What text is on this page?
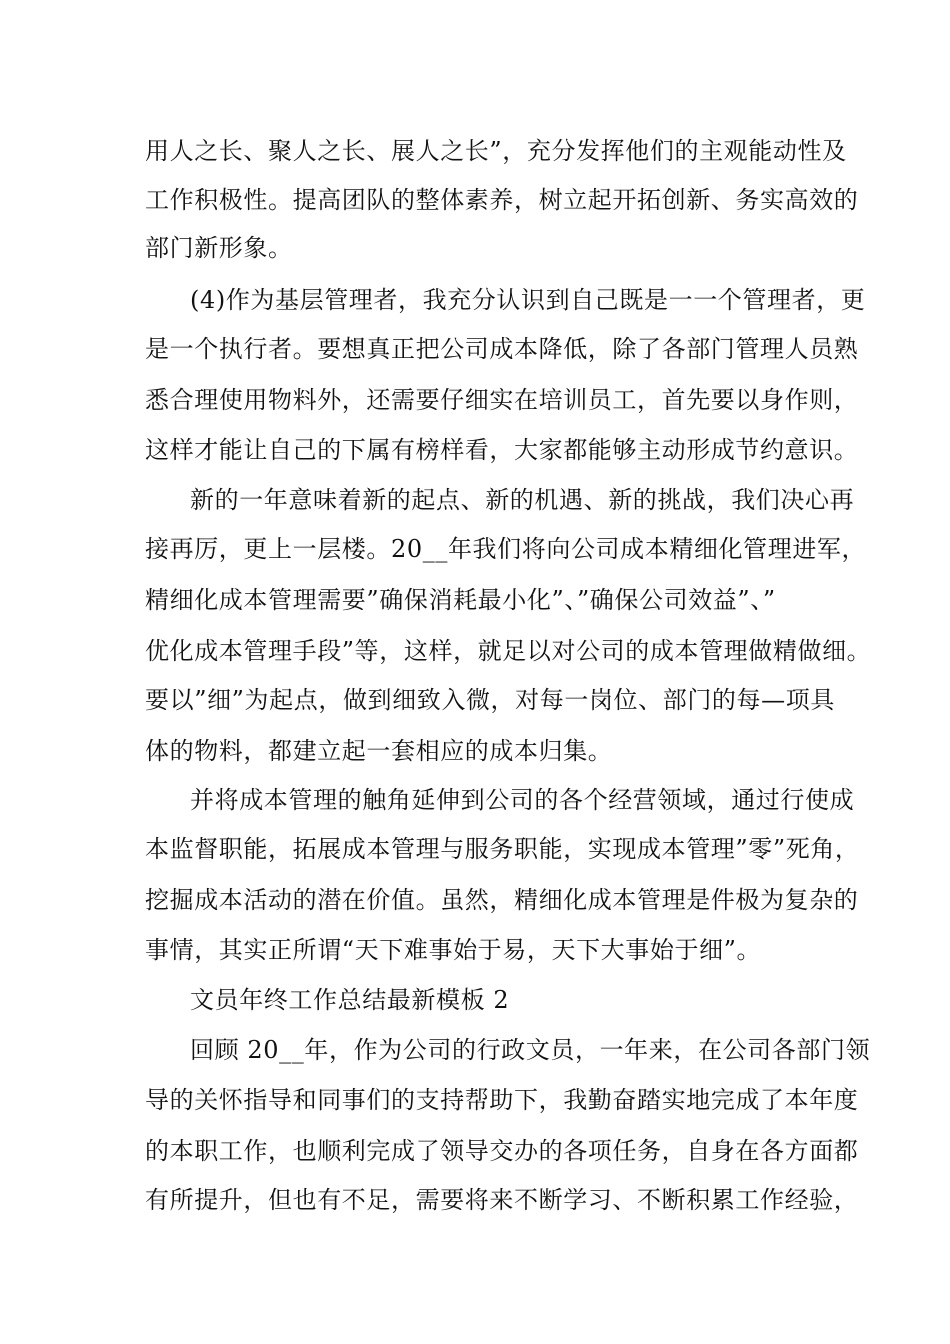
用人之长、聚人之长、展人之长”，充分发挥他们的主观能动性及
工作积极性。提高团队的整体素养，树立起开拓创新、务实高效的
部门新形象。
(4)作为基层管理者，我充分认识到自己既是一一个管理者，更
是一个执行者。要想真正把公司成本降低，除了各部门管理人员熟
悉合理使用物料外，还需要仔细实在培训员工，首先要以身作则，
这样才能让自己的下属有榜样看，大家都能够主动形成节约意识。
新的一年意味着新的起点、新的机遇、新的挑战，我们决心再
接再厉，更上一层楼。20__年我们将向公司成本精细化管理进军，
精细化成本管理需要”确保消耗最小化”、”确保公司效益”、”
优化成本管理手段”等，这样，就足以对公司的成本管理做精做细。
要以”细”为起点，做到细致入微，对每一岗位、部门的每—项具
体的物料，都建立起一套相应的成本归集。
并将成本管理的触角延伸到公司的各个经营领域，通过行使成
本监督职能，拓展成本管理与服务职能，实现成本管理”零”死角，
挖掘成本活动的潜在价值。虽然，精细化成本管理是件极为复杂的
事情，其实正所谓“天下难事始于易，天下大事始于细”。
文员年终工作总结最新模板 2
回顾 20__年，作为公司的行政文员，一年来，在公司各部门领
导的关怀指导和同事们的支持帮助下，我勤奋踏实地完成了本年度
的本职工作，也顺利完成了领导交办的各项任务，自身在各方面都
有所提升，但也有不足，需要将来不断学习、不断积累工作经验，
